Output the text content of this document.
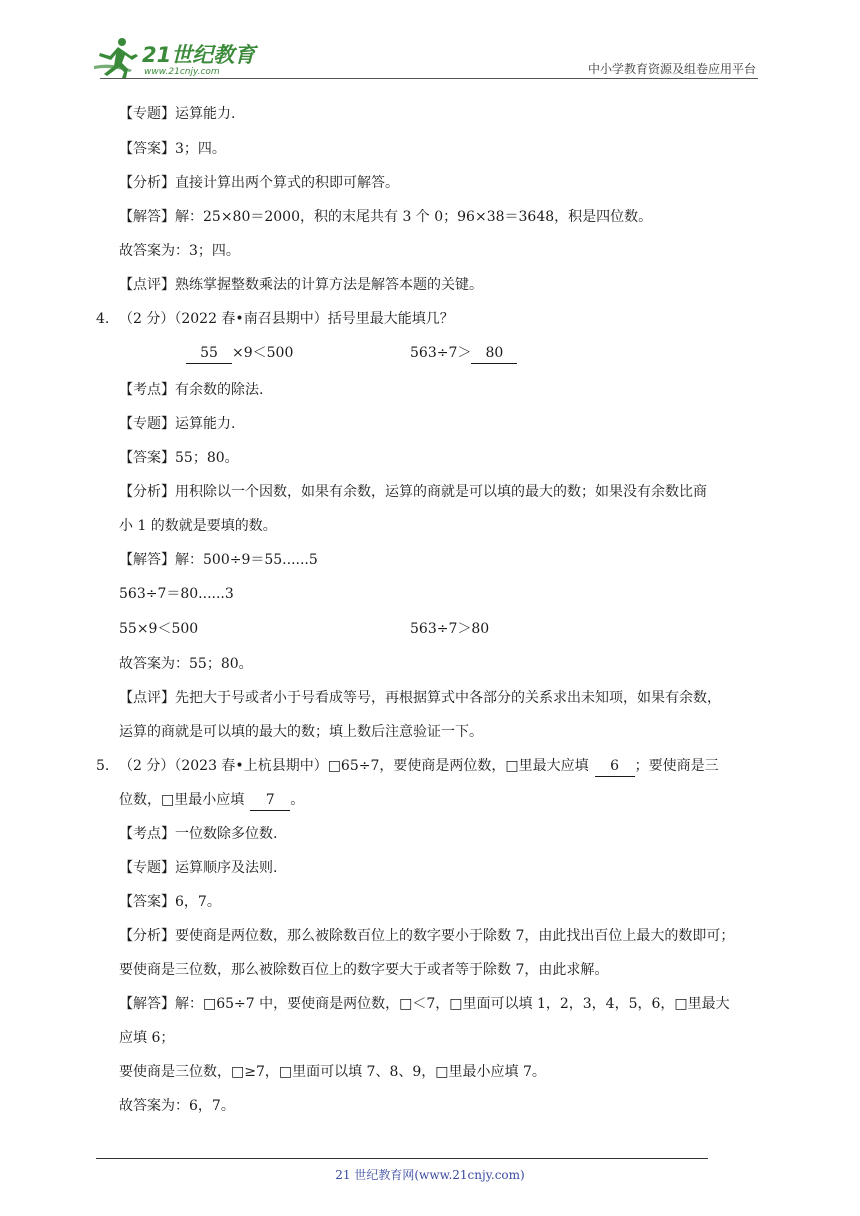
21世纪教育
www.21cnjy.com	中小学教育资源及组卷应用平台
【专题】运算能力.
【答案】3；四。
【分析】直接计算出两个算式的积即可解答。
【解答】解：25×80＝2000，积的末尾共有 3 个 0；96×38＝3648，积是四位数。
故答案为：3；四。
【点评】熟练掌握整数乘法的计算方法是解答本题的关键。
4. （2 分）（2022 春•南召县期中）括号里最大能填几？
55 ×9＜500	563÷7＞ 80
【考点】有余数的除法.
【专题】运算能力.
【答案】55；80。
【分析】用积除以一个因数，如果有余数，运算的商就是可以填的最大的数；如果没有余数比商
小 1 的数就是要填的数。
【解答】解：500÷9＝55......5
563÷7＝80......3
55×9＜500	563÷7＞80
故答案为：55；80。
【点评】先把大于号或者小于号看成等号，再根据算式中各部分的关系求出未知项，如果有余数，
运算的商就是可以填的最大的数；填上数后注意验证一下。
5. （2 分）（2023 春•上杭县期中）□65÷7，要使商是两位数，□里最大应填 6 ；要使商是三
位数，□里最小应填 7 。
【考点】一位数除多位数.
【专题】运算顺序及法则.
【答案】6，7。
【分析】要使商是两位数，那么被除数百位上的数字要小于除数 7，由此找出百位上最大的数即可；
要使商是三位数，那么被除数百位上的数字要大于或者等于除数 7，由此求解。
【解答】解：□65÷7 中，要使商是两位数，□＜7，□里面可以填 1，2，3，4，5，6，□里最大
应填 6；
要使商是三位数，□≥7，□里面可以填 7、8、9，□里最小应填 7。
故答案为：6，7。
21 世纪教育网(www.21cnjy.com)
